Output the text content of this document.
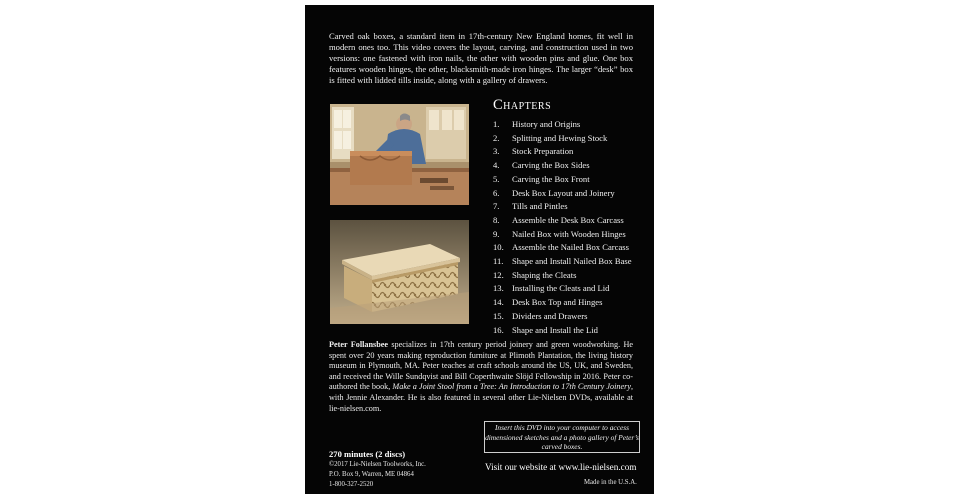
Carved oak boxes, a standard item in 17th-century New England homes, fit well in modern ones too. This video covers the layout, carving, and construction used in two versions: one fastened with iron nails, the other with wooden pins and glue. One box features wooden hinges, the other, blacksmith-made iron hinges. The larger “desk” box is fitted with lidded tills inside, along with a gallery of drawers.

Chapters

1.	History and Origins
2.	Splitting and Hewing Stock
3.	Stock Preparation
4.	Carving the Box Sides
5.	Carving the Box Front
6.	Desk Box Layout and Joinery
7.	Tills and Pintles
8.	Assemble the Desk Box Carcass
9.	Nailed Box with Wooden Hinges
10. Assemble the Nailed Box Carcass
11. Shape and Install Nailed Box Base
12. Shaping the Cleats
13. Installing the Cleats and Lid
14. Desk Box Top and Hinges
15. Dividers and Drawers
16. Shape and Install the Lid

Peter Follansbee specializes in 17th century period joinery and green woodworking. He spent over 20 years making reproduction furniture at Plimoth Plantation, the living history museum in Plymouth, MA. Peter teaches at craft schools around the US, UK, and Sweden, and received the Wille Sundqvist and Bill Coperthwaite Slöjd Fellowship in 2016. Peter co-authored the book, Make a Joint Stool from a Tree: An Introduction to 17th Century Joinery, with Jennie Alexander. He is also featured in several other Lie-Nielsen DVDs, available at lie-nielsen.com.

270 minutes (2 discs)
©2017 Lie-Nielsen Toolworks, Inc.
P.O. Box 9, Warren, ME 04864
1-800-327-2520
Insert this DVD into your computer to access dimensioned sketches and a photo gallery of Peter’s carved boxes.
Visit our website at www.lie-nielsen.com
Made in the U.S.A.
